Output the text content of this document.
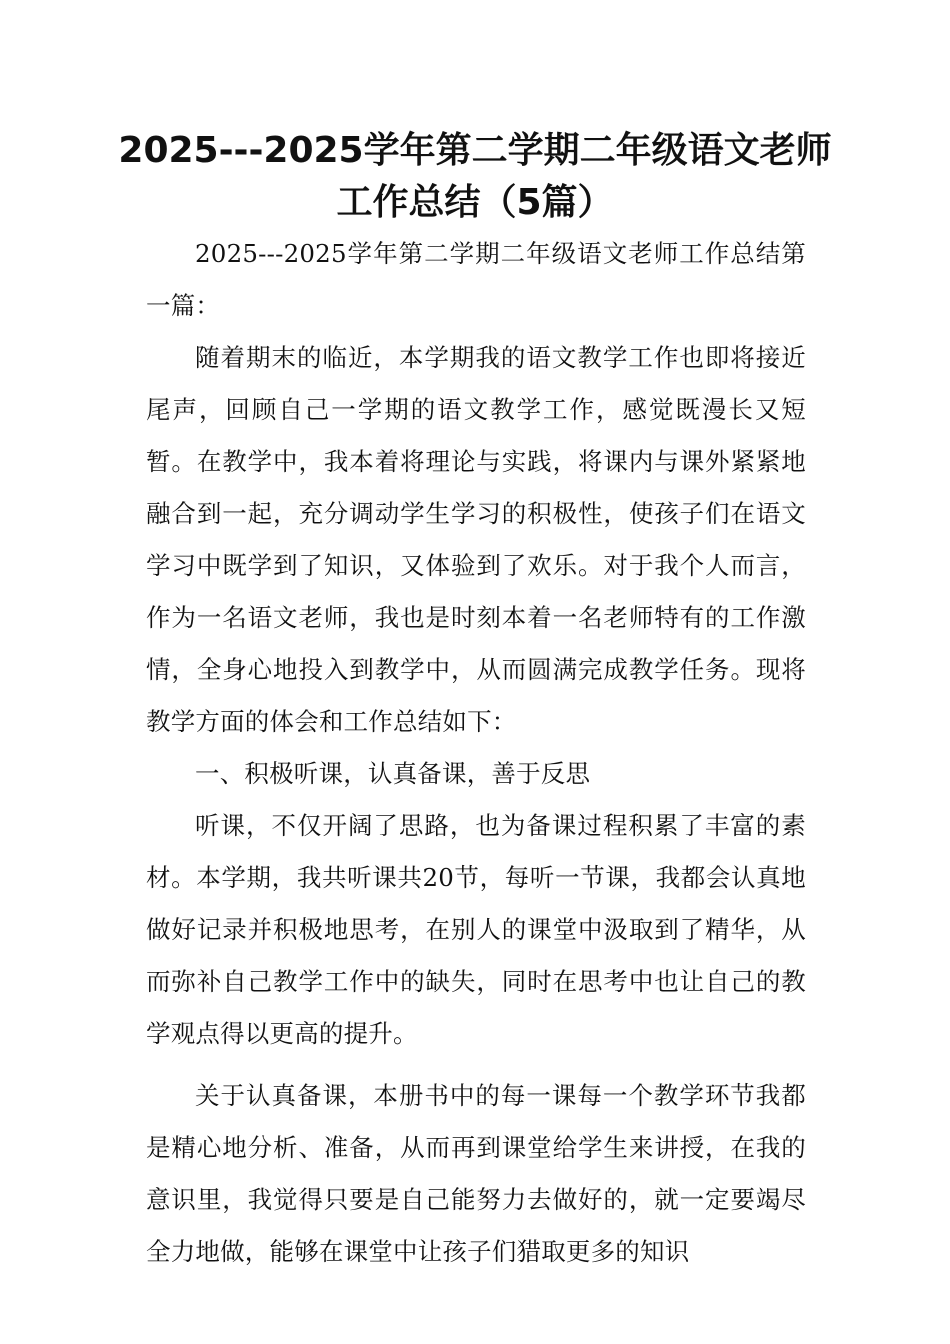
2025---2025学年第二学期二年级语文老师
工作总结（5篇）

2025---2025学年第二学期二年级语文老师工作总结第一篇：

随着期末的临近，本学期我的语文教学工作也即将接近尾声，回顾自己一学期的语文教学工作，感觉既漫长又短暂。在教学中，我本着将理论与实践，将课内与课外紧紧地融合到一起，充分调动学生学习的积极性，使孩子们在语文学习中既学到了知识，又体验到了欢乐。对于我个人而言，作为一名语文老师，我也是时刻本着一名老师特有的工作激情，全身心地投入到教学中，从而圆满完成教学任务。现将教学方面的体会和工作总结如下：

一、积极听课，认真备课，善于反思

听课，不仅开阔了思路，也为备课过程积累了丰富的素材。本学期，我共听课共20节，每听一节课，我都会认真地做好记录并积极地思考，在别人的课堂中汲取到了精华，从而弥补自己教学工作中的缺失，同时在思考中也让自己的教学观点得以更高的提升。

关于认真备课，本册书中的每一课每一个教学环节我都是精心地分析、准备，从而再到课堂给学生来讲授，在我的意识里，我觉得只要是自己能努力去做好的，就一定要竭尽全力地做，能够在课堂中让孩子们猎取更多的知识
